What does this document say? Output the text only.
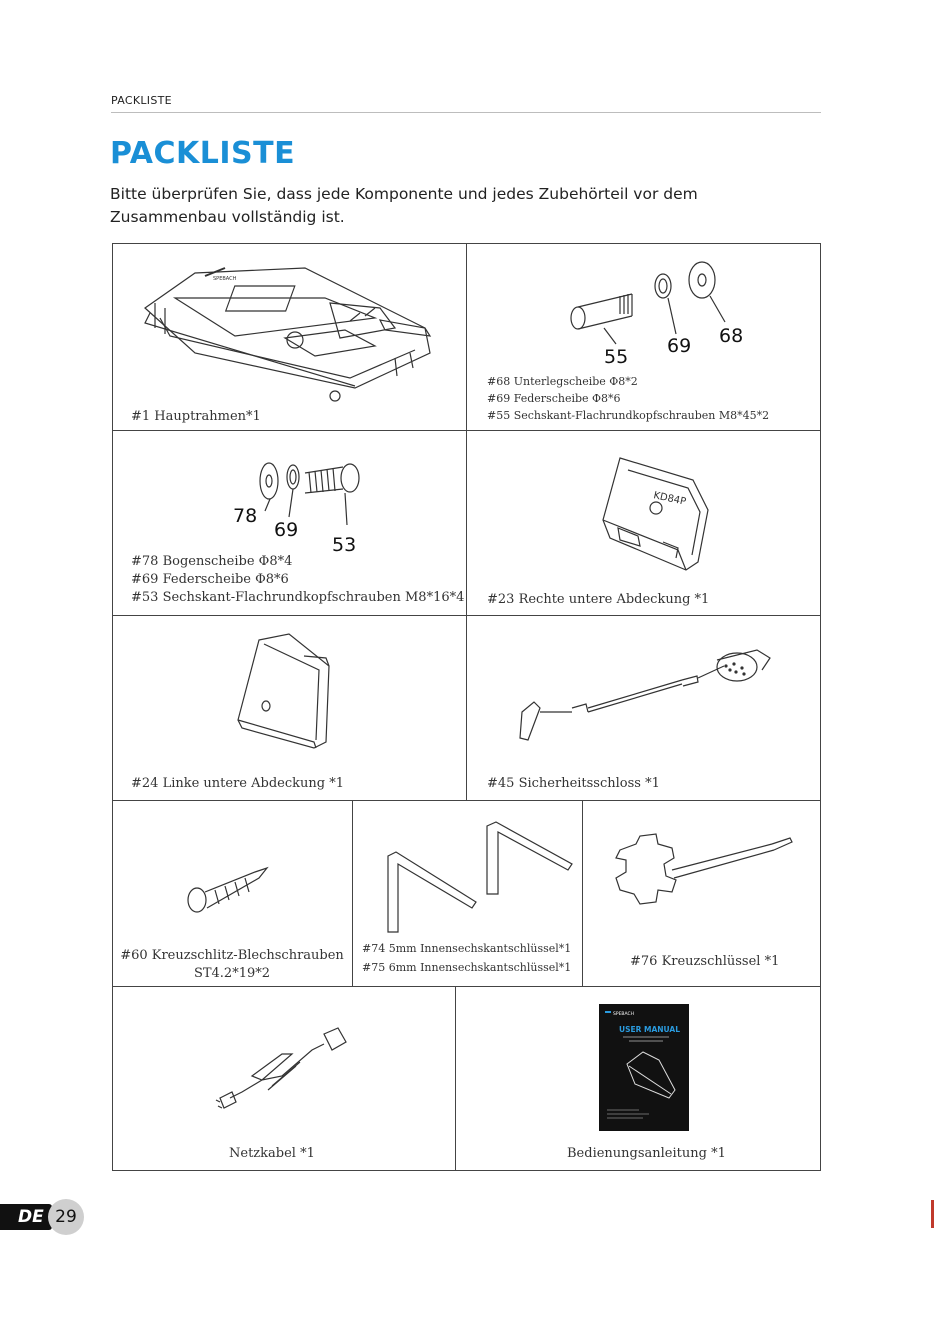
PACKLISTE
PACKLISTE
Bitte überprüfen Sie, dass jede Komponente und jedes Zubehörteil vor dem Zusammenbau vollständig ist.
SPEBACH
#1 Hauptrahmen*1
55 69 68
#68 Unterlegscheibe Φ8*2
#69 Federscheibe Φ8*6
#55 Sechskant-Flachrundkopfschrauben M8*45*2
78
69
53
#78 Bogenscheibe Φ8*4
#69 Federscheibe Φ8*6
#53 Sechskant-Flachrundkopfschrauben M8*16*4
KD84P
#23 Rechte untere Abdeckung *1
#24 Linke untere Abdeckung *1	#45 Sicherheitsschloss *1
#60 Kreuzschlitz-Blechschrauben
ST4.2*19*2
#74 5mm Innensechskantschlüssel*1
#75 6mm Innensechskantschlüssel*1	#76 Kreuzschlüssel *1
Netzkabel *1
SPEBACH
USER MANUAL
Bedienungsanleitung *1
DE 29
